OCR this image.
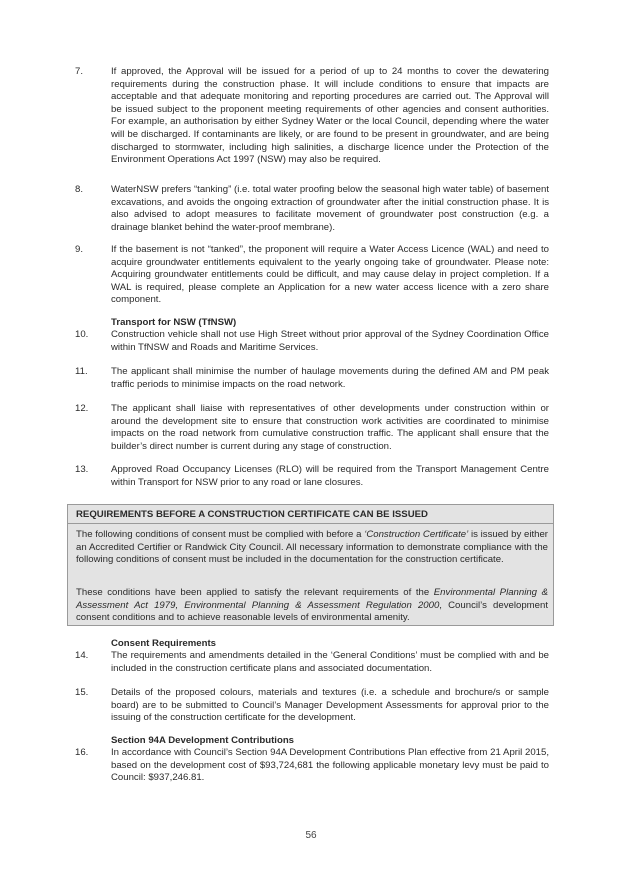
7.	If approved, the Approval will be issued for a period of up to 24 months to cover the dewatering requirements during the construction phase. It will include conditions to ensure that impacts are acceptable and that adequate monitoring and reporting procedures are carried out. The Approval will be issued subject to the proponent meeting requirements of other agencies and consent authorities. For example, an authorisation by either Sydney Water or the local Council, depending where the water will be discharged. If contaminants are likely, or are found to be present in groundwater, and are being discharged to stormwater, including high salinities, a discharge licence under the Protection of the Environment Operations Act 1997 (NSW) may also be required.
8.	WaterNSW prefers “tanking” (i.e. total water proofing below the seasonal high water table) of basement excavations, and avoids the ongoing extraction of groundwater after the initial construction phase. It is also advised to adopt measures to facilitate movement of groundwater post construction (e.g. a drainage blanket behind the water-proof membrane).
9.	If the basement is not “tanked”, the proponent will require a Water Access Licence (WAL) and need to acquire groundwater entitlements equivalent to the yearly ongoing take of groundwater. Please note: Acquiring groundwater entitlements could be difficult, and may cause delay in project completion. If a WAL is required, please complete an Application for a new water access licence with a zero share component.
Transport for NSW (TfNSW)
10.	Construction vehicle shall not use High Street without prior approval of the Sydney Coordination Office within TfNSW and Roads and Maritime Services.
11.	The applicant shall minimise the number of haulage movements during the defined AM and PM peak traffic periods to minimise impacts on the road network.
12.	The applicant shall liaise with representatives of other developments under construction within or around the development site to ensure that construction work activities are coordinated to minimise impacts on the road network from cumulative construction traffic. The applicant shall ensure that the builder’s direct number is current during any stage of construction.
13.	Approved Road Occupancy Licenses (RLO) will be required from the Transport Management Centre within Transport for NSW prior to any road or lane closures.
REQUIREMENTS BEFORE A CONSTRUCTION CERTIFICATE CAN BE ISSUED
The following conditions of consent must be complied with before a ‘Construction Certificate’ is issued by either an Accredited Certifier or Randwick City Council. All necessary information to demonstrate compliance with the following conditions of consent must be included in the documentation for the construction certificate.
These conditions have been applied to satisfy the relevant requirements of the Environmental Planning & Assessment Act 1979, Environmental Planning & Assessment Regulation 2000, Council’s development consent conditions and to achieve reasonable levels of environmental amenity.
Consent Requirements
14.	The requirements and amendments detailed in the ‘General Conditions’ must be complied with and be included in the construction certificate plans and associated documentation.
15.	Details of the proposed colours, materials and textures (i.e. a schedule and brochure/s or sample board) are to be submitted to Council’s Manager Development Assessments for approval prior to the issuing of the construction certificate for the development.
Section 94A Development Contributions
16.	In accordance with Council’s Section 94A Development Contributions Plan effective from 21 April 2015, based on the development cost of $93,724,681 the following applicable monetary levy must be paid to Council: $937,246.81.
56
